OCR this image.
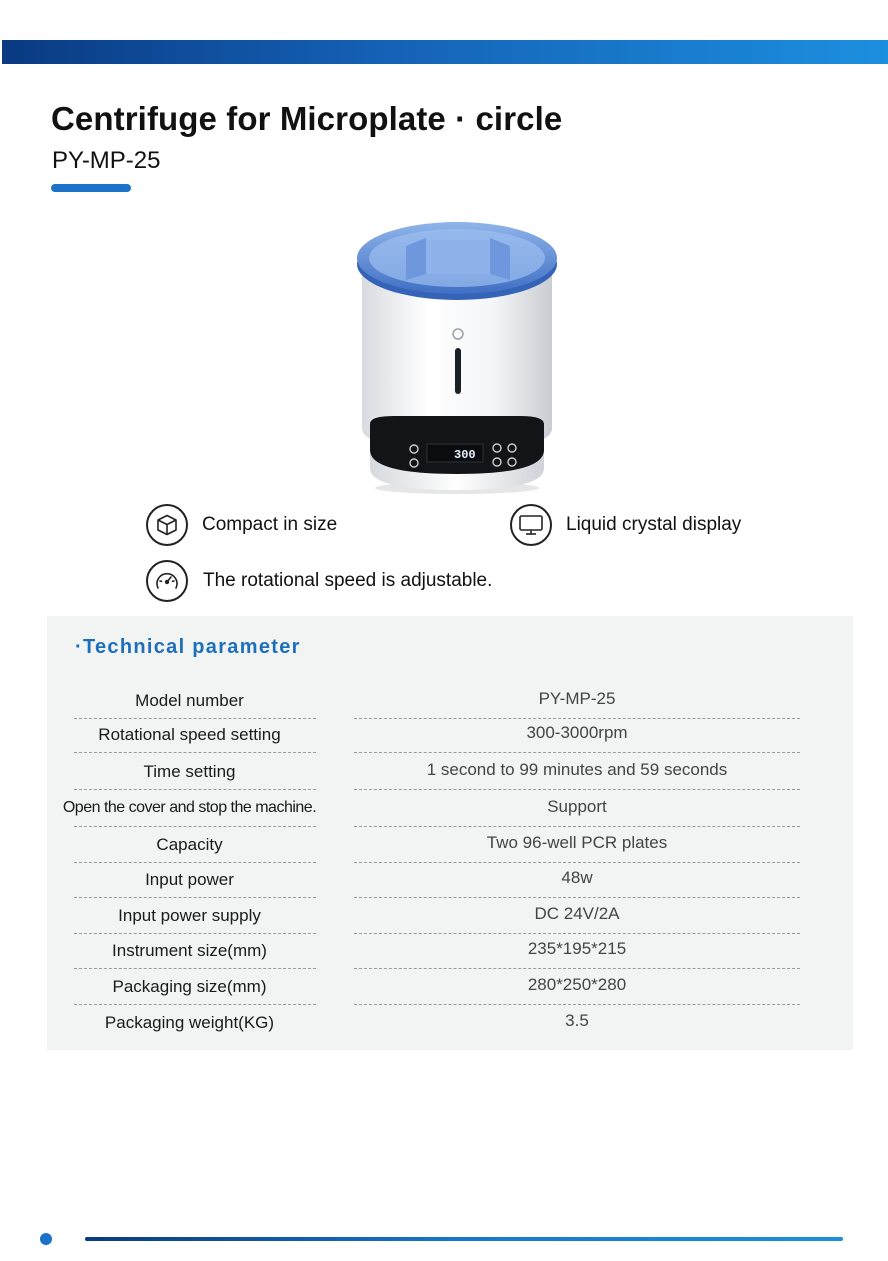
Centrifuge for Microplate · circle
PY-MP-25
300
Compact in size	Liquid crystal display
The rotational speed is adjustable.
·Technical parameter
Model number	PY-MP-25
Rotational speed setting	300-3000rpm
Time setting	1 second to 99 minutes and 59 seconds
Open the cover and stop the machine.	Support
Capacity	Two 96-well PCR plates
Input power	48w
Input power supply	DC 24V/2A
Instrument size(mm)	235*195*215
Packaging size(mm)	280*250*280
Packaging weight(KG)	3.5
